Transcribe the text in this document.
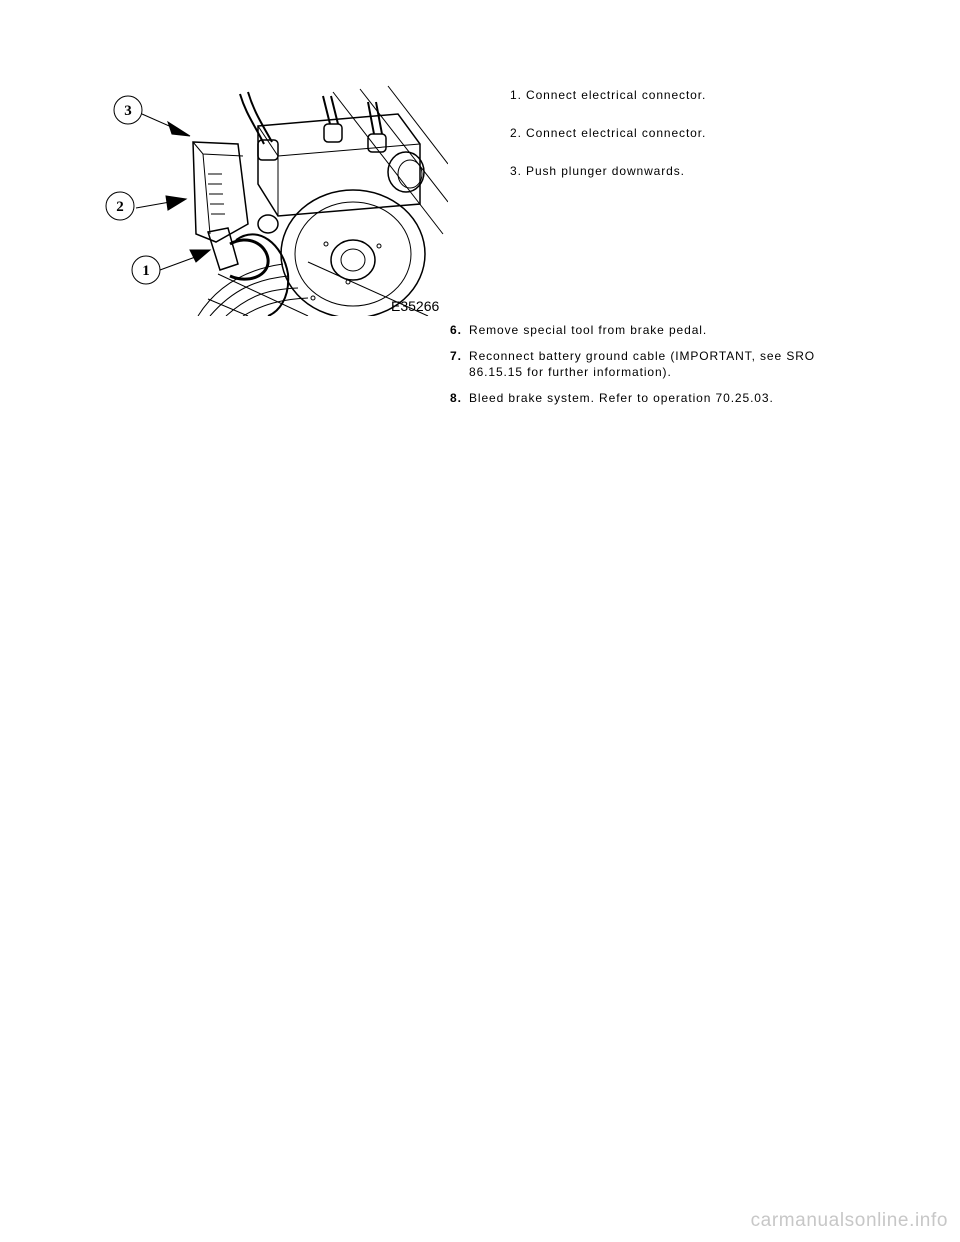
3
2
1
E35266
1. Connect electrical connector.
2. Connect electrical connector.
3. Push plunger downwards.
6. Remove special tool from brake pedal.
7. Reconnect battery ground cable (IMPORTANT, see SRO 86.15.15 for further information).
8. Bleed brake system. Refer to operation 70.25.03.
carmanualsonline.info
